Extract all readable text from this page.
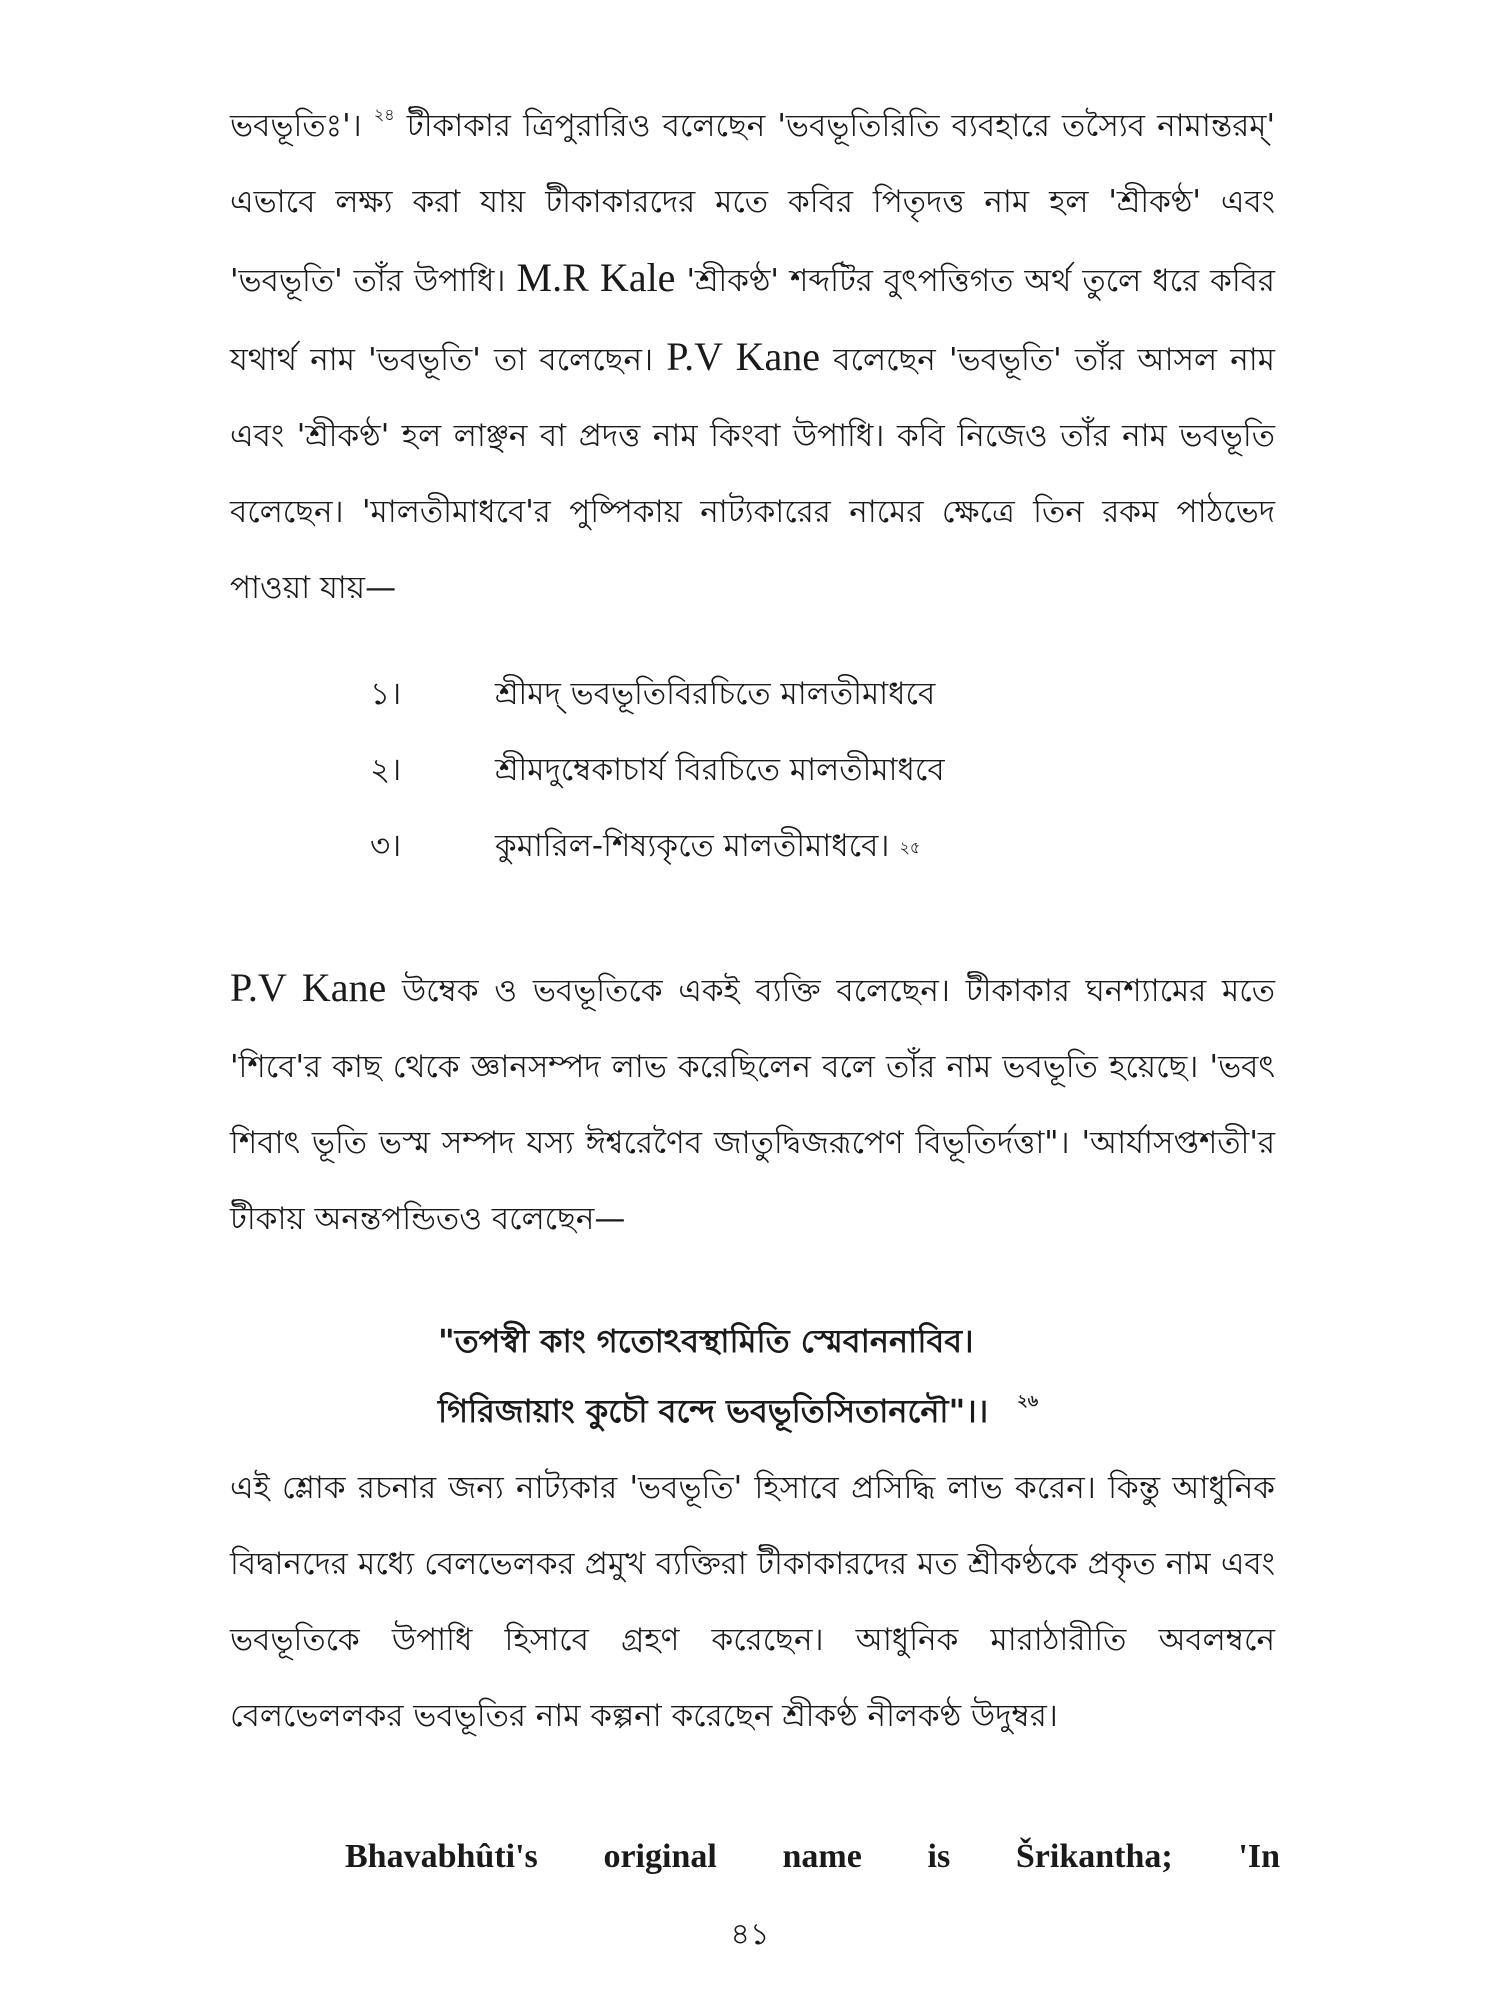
ভবভূতিঃ'। $^{২৪}$ টীকাকার ত্রিপুরারিও বলেছেন 'ভবভূতিরিতি ব্যবহারে তস্যৈব নামান্তরম্' এভাবে লক্ষ্য করা যায় টীকাকারদের মতে কবির পিতৃদত্ত নাম হল 'শ্রীকণ্ঠ' এবং 'ভবভূতি' তাঁর উপাধি। M.R Kale 'শ্রীকণ্ঠ' শব্দটির বুৎপত্তিগত অর্থ তুলে ধরে কবির যথার্থ নাম 'ভবভূতি' তা বলেছেন। P.V Kane বলেছেন 'ভবভূতি' তাঁর আসল নাম এবং 'শ্রীকণ্ঠ' হল লাঞ্ছন বা প্রদত্ত নাম কিংবা উপাধি। কবি নিজেও তাঁর নাম ভবভূতি বলেছেন। 'মালতীমাধবে'র পুষ্পিকায় নাট্যকারের নামের ক্ষেত্রে তিন রকম পাঠভেদ পাওয়া যায়—
১।	শ্রীমদ্ ভবভূতিবিরচিতে মালতীমাধবে
২।	শ্রীমদুম্বেকাচার্য বিরচিতে মালতীমাধবে
৩।	কুমারিল-শিষ্যকৃতে মালতীমাধবে। ২৫
P.V Kane উম্বেক ও ভবভূতিকে একই ব্যক্তি বলেছেন। টীকাকার ঘনশ্যামের মতে 'শিবে'র কাছ থেকে জ্ঞানসম্পদ লাভ করেছিলেন বলে তাঁর নাম ভবভূতি হয়েছে। 'ভবৎ শিবাৎ ভূতি ভস্ম সম্পদ যস্য ঈশ্বরেণৈব জাতুদ্বিজরূপেণ বিভূতির্দত্তা"। 'আর্যাসপ্তশতী'র টীকায় অনন্তপন্ডিতও বলেছেন—
"তপস্বী কাং গতোঽবস্থামিতি স্মেবাননাবিব।
গিরিজায়াং কুচৌ বন্দে ভবভূতিসিতাননৌ"।। $^{২৬}$
এই শ্লোক রচনার জন্য নাট্যকার 'ভবভূতি' হিসাবে প্রসিদ্ধি লাভ করেন। কিন্তু আধুনিক বিদ্বানদের মধ্যে বেলভেলকর প্রমুখ ব্যক্তিরা টীকাকারদের মত শ্রীকণ্ঠকে প্রকৃত নাম এবং ভবভূতিকে উপাধি হিসাবে গ্রহণ করেছেন। আধুনিক মারাঠারীতি অবলম্বনে বেলভেললকর ভবভূতির নাম কল্পনা করেছেন শ্রীকণ্ঠ নীলকণ্ঠ উদুম্বর।
Bhavabhûti's original name is Šrikantha; 'In
৪১
